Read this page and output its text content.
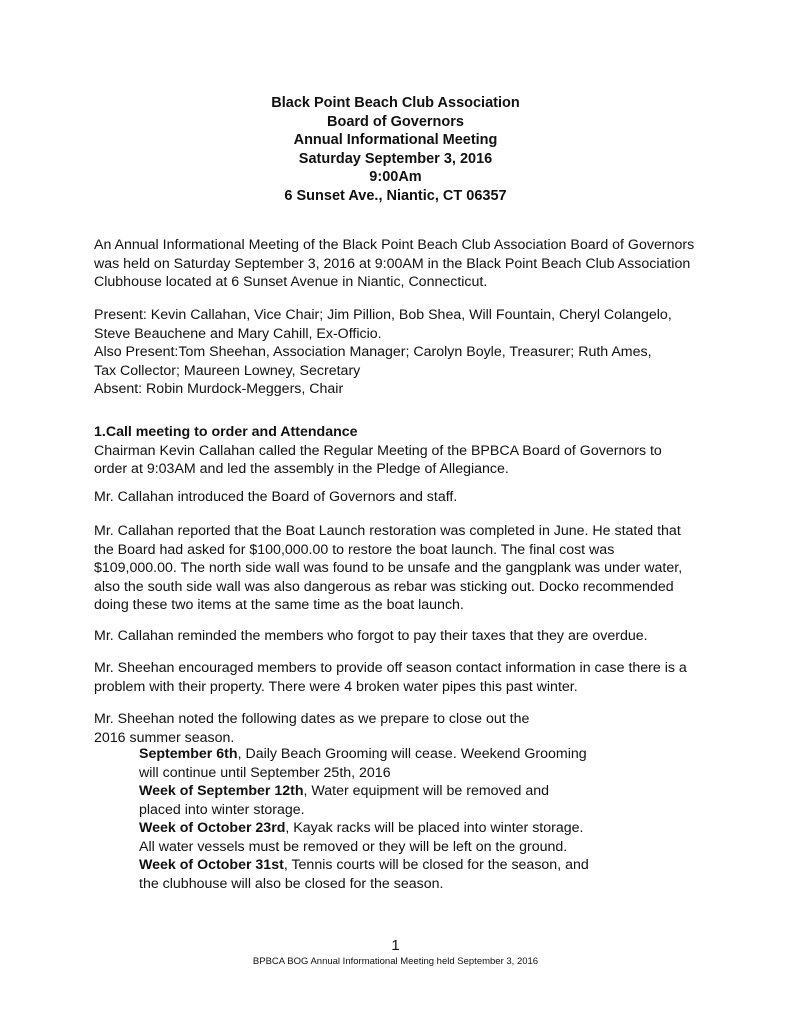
Black Point Beach Club Association
Board of Governors
Annual Informational Meeting
Saturday September 3, 2016
9:00Am
6 Sunset Ave., Niantic, CT 06357
An Annual Informational Meeting of the Black Point Beach Club Association Board of Governors
was held on Saturday September 3, 2016 at 9:00AM in the Black Point Beach Club Association
Clubhouse located at 6 Sunset Avenue in Niantic, Connecticut.
Present: Kevin Callahan, Vice Chair; Jim Pillion, Bob Shea, Will Fountain, Cheryl Colangelo,
Steve Beauchene and Mary Cahill, Ex-Officio.
Also Present:Tom Sheehan, Association Manager; Carolyn Boyle, Treasurer; Ruth Ames,
Tax Collector; Maureen Lowney, Secretary
Absent: Robin Murdock-Meggers, Chair
1.Call meeting to order and Attendance
Chairman Kevin Callahan called the Regular Meeting of the BPBCA Board of Governors to
order at 9:03AM and led the assembly in the Pledge of Allegiance.
Mr. Callahan introduced the Board of Governors and staff.
Mr. Callahan reported that the Boat Launch restoration was completed in June. He stated that
the Board had asked for $100,000.00 to restore the boat launch. The final cost was
$109,000.00. The north side wall was found to be unsafe and the gangplank was under water,
also the south side wall was also dangerous as rebar was sticking out. Docko recommended
doing these two items at the same time as the boat launch.
Mr. Callahan reminded the members who forgot to pay their taxes that they are overdue.
Mr. Sheehan encouraged members to provide off season contact information in case there is a
problem with their property. There were 4 broken water pipes this past winter.
Mr. Sheehan noted the following dates as we prepare to close out the
2016 summer season.
September 6th, Daily Beach Grooming will cease. Weekend Grooming
will continue until September 25th, 2016
Week of September 12th, Water equipment will be removed and
placed into winter storage.
Week of October 23rd, Kayak racks will be placed into winter storage.
All water vessels must be removed or they will be left on the ground.
Week of October 31st, Tennis courts will be closed for the season, and
the clubhouse will also be closed for the season.
1
BPBCA BOG Annual Informational Meeting held September 3, 2016
